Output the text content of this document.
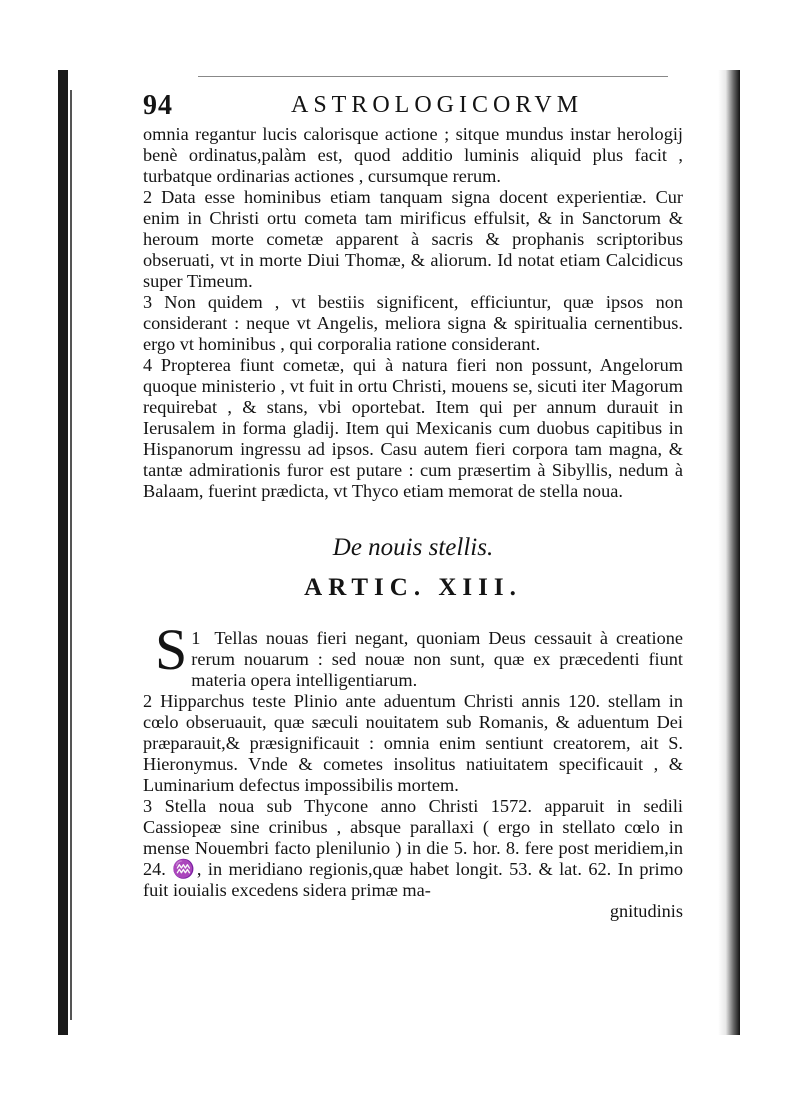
94	ASTROLOGICORVM

omnia regantur lucis calorisque actione ; sitque mundus instar herologij benè ordinatus,palàm est, quod additio luminis aliquid plus facit , turbatque ordinarias actiones , cursumque rerum.

2 Data esse hominibus etiam tanquam signa docent experientiæ. Cur enim in Christi ortu cometa tam mirificus effulsit, & in Sanctorum & heroum morte cometæ apparent à sacris & prophanis scriptoribus obseruati, vt in morte Diui Thomæ, & aliorum. Id notat etiam Calcidicus super Timeum.

3 Non quidem , vt bestiis significent, efficiuntur, quæ ipsos non considerant : neque vt Angelis, meliora signa & spiritualia cernentibus. ergo vt hominibus , qui corporalia ratione considerant.

4 Propterea fiunt cometæ, qui à natura fieri non possunt, Angelorum quoque ministerio , vt fuit in ortu Christi, mouens se, sicuti iter Magorum requirebat , & stans, vbi oportebat. Item qui per annum durauit in Ierusalem in forma gladij. Item qui Mexicanis cum duobus capitibus in Hispanorum ingressu ad ipsos. Casu autem fieri corpora tam magna, & tantæ admirationis furor est putare : cum præsertim à Sibyllis, nedum à Balaam, fuerint prædicta, vt Thyco etiam memorat de stella noua.

De nouis stellis.
ARTIC. XIII.

1
S Tellas nouas fieri negant, quoniam Deus cessauit à creatione rerum nouarum : sed nouæ non sunt, quæ ex præcedenti fiunt materia opera intelligentiarum.

2 Hipparchus teste Plinio ante aduentum Christi annis 120. stellam in cœlo obseruauit, quæ sæculi nouitatem sub Romanis, & aduentum Dei præparauit,& præsignificauit : omnia enim sentiunt creatorem, ait S. Hieronymus. Vnde & cometes insolitus natiuitatem specificauit , & Luminarium defectus impossibilis mortem.

3 Stella noua sub Thycone anno Christi 1572. apparuit in sedili Cassiopeæ sine crinibus , absque parallaxi ( ergo in stellato cœlo in mense Nouembri facto plenilunio ) in die 5. hor. 8. fere post meridiem,in 24. ♒, in meridiano regionis,quæ habet longit. 53. & lat. 62. In primo fuit iouialis excedens sidera primæ ma-

gnitudinis
